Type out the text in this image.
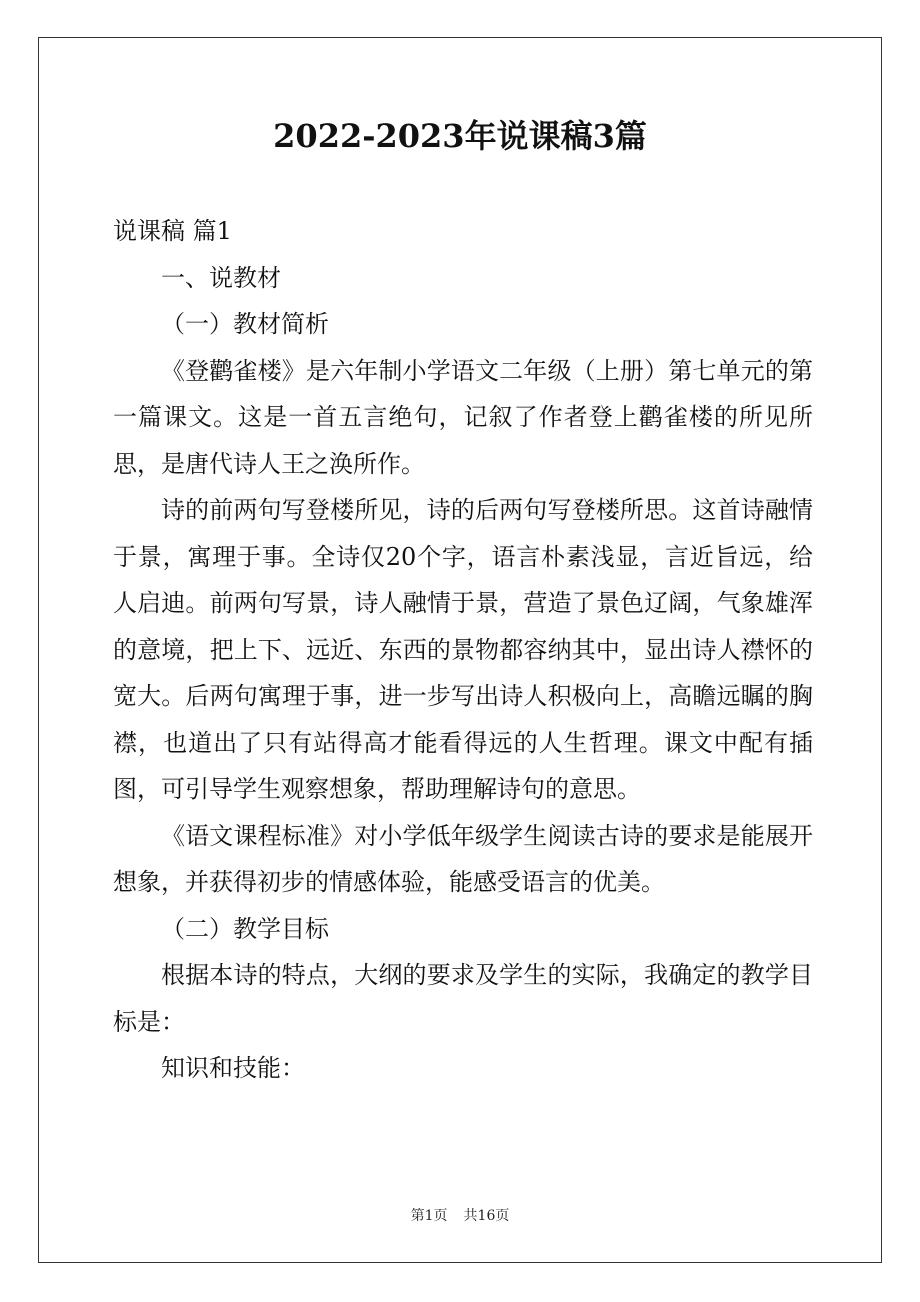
2022-2023年说课稿3篇

说课稿 篇1

一、说教材

（一）教材简析

《登鹳雀楼》是六年制小学语文二年级（上册）第七单元的第一篇课文。这是一首五言绝句，记叙了作者登上鹳雀楼的所见所思，是唐代诗人王之涣所作。

诗的前两句写登楼所见，诗的后两句写登楼所思。这首诗融情于景，寓理于事。全诗仅20个字，语言朴素浅显，言近旨远，给人启迪。前两句写景，诗人融情于景，营造了景色辽阔，气象雄浑的意境，把上下、远近、东西的景物都容纳其中，显出诗人襟怀的宽大。后两句寓理于事，进一步写出诗人积极向上，高瞻远瞩的胸襟，也道出了只有站得高才能看得远的人生哲理。课文中配有插图，可引导学生观察想象，帮助理解诗句的意思。

《语文课程标准》对小学低年级学生阅读古诗的要求是能展开想象，并获得初步的情感体验，能感受语言的优美。

（二）教学目标

根据本诗的特点，大纲的要求及学生的实际，我确定的教学目标是：

知识和技能：

第1页 共16页
